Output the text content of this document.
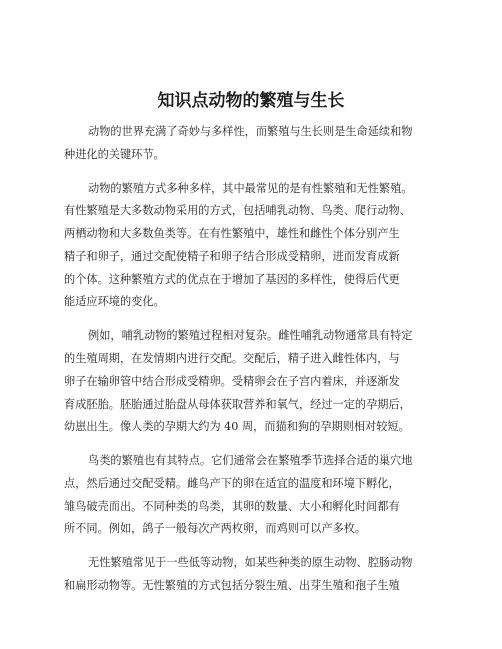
知识点动物的繁殖与生长
动物的世界充满了奇妙与多样性，而繁殖与生长则是生命延续和物
种进化的关键环节。
动物的繁殖方式多种多样，其中最常见的是有性繁殖和无性繁殖。
有性繁殖是大多数动物采用的方式，包括哺乳动物、鸟类、爬行动物、
两栖动物和大多数鱼类等。在有性繁殖中，雄性和雌性个体分别产生
精子和卵子，通过交配使精子和卵子结合形成受精卵，进而发育成新
的个体。这种繁殖方式的优点在于增加了基因的多样性，使得后代更
能适应环境的变化。
例如，哺乳动物的繁殖过程相对复杂。雌性哺乳动物通常具有特定
的生殖周期，在发情期内进行交配。交配后，精子进入雌性体内，与
卵子在输卵管中结合形成受精卵。受精卵会在子宫内着床，并逐渐发
育成胚胎。胚胎通过胎盘从母体获取营养和氧气，经过一定的孕期后，
幼崽出生。像人类的孕期大约为 40 周，而猫和狗的孕期则相对较短。
鸟类的繁殖也有其特点。它们通常会在繁殖季节选择合适的巢穴地
点，然后通过交配受精。雌鸟产下的卵在适宜的温度和环境下孵化，
雏鸟破壳而出。不同种类的鸟类，其卵的数量、大小和孵化时间都有
所不同。例如，鸽子一般每次产两枚卵，而鸡则可以产多枚。
无性繁殖常见于一些低等动物，如某些种类的原生动物、腔肠动物
和扁形动物等。无性繁殖的方式包括分裂生殖、出芽生殖和孢子生殖
